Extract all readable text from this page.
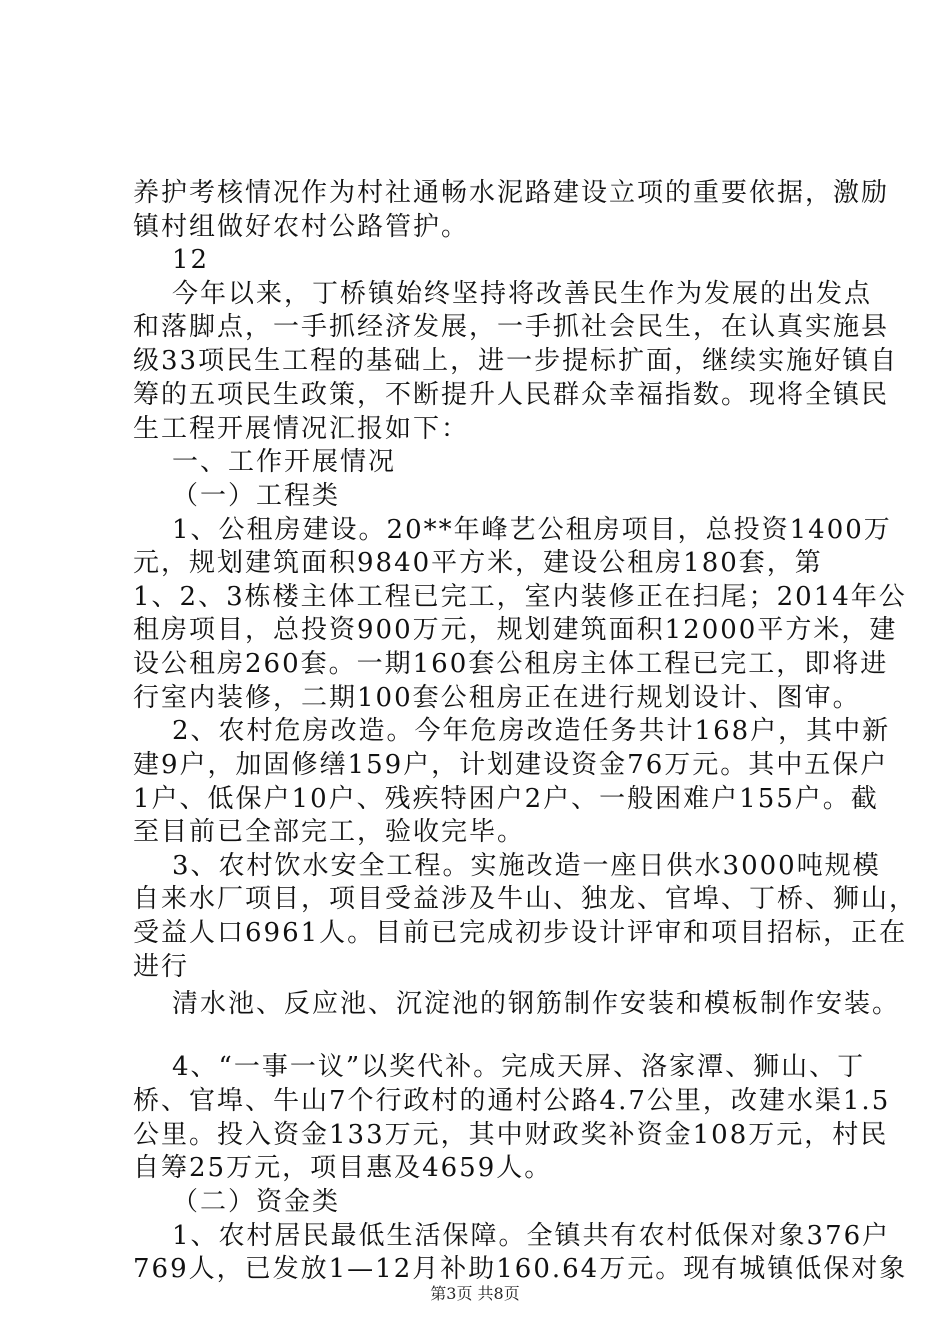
养护考核情况作为村社通畅水泥路建设立项的重要依据，激励
镇村组做好农村公路管护。
12
今年以来，丁桥镇始终坚持将改善民生作为发展的出发点
和落脚点，一手抓经济发展，一手抓社会民生，在认真实施县
级33项民生工程的基础上，进一步提标扩面，继续实施好镇自
筹的五项民生政策，不断提升人民群众幸福指数。现将全镇民
生工程开展情况汇报如下：
一、工作开展情况
（一）工程类
1、公租房建设。20**年峰艺公租房项目，总投资1400万
元，规划建筑面积9840平方米，建设公租房180套，第
1、2、3栋楼主体工程已完工，室内装修正在扫尾；2014年公
租房项目，总投资900万元，规划建筑面积12000平方米，建
设公租房260套。一期160套公租房主体工程已完工，即将进
行室内装修，二期100套公租房正在进行规划设计、图审。
2、农村危房改造。今年危房改造任务共计168户，其中新
建9户，加固修缮159户，计划建设资金76万元。其中五保户
1户、低保户10户、残疾特困户2户、一般困难户155户。截
至目前已全部完工，验收完毕。
3、农村饮水安全工程。实施改造一座日供水3000吨规模
自来水厂项目，项目受益涉及牛山、独龙、官埠、丁桥、狮山，
受益人口6961人。目前已完成初步设计评审和项目招标，正在
进行
清水池、反应池、沉淀池的钢筋制作安装和模板制作安装。
4、“一事一议”以奖代补。完成天屏、洛家潭、狮山、丁
桥、官埠、牛山7个行政村的通村公路4.7公里，改建水渠1.5
公里。投入资金133万元，其中财政奖补资金108万元，村民
自筹25万元，项目惠及4659人。
（二）资金类
1、农村居民最低生活保障。全镇共有农村低保对象376户
769人，已发放1—12月补助160.64万元。现有城镇低保对象
第3页 共8页
